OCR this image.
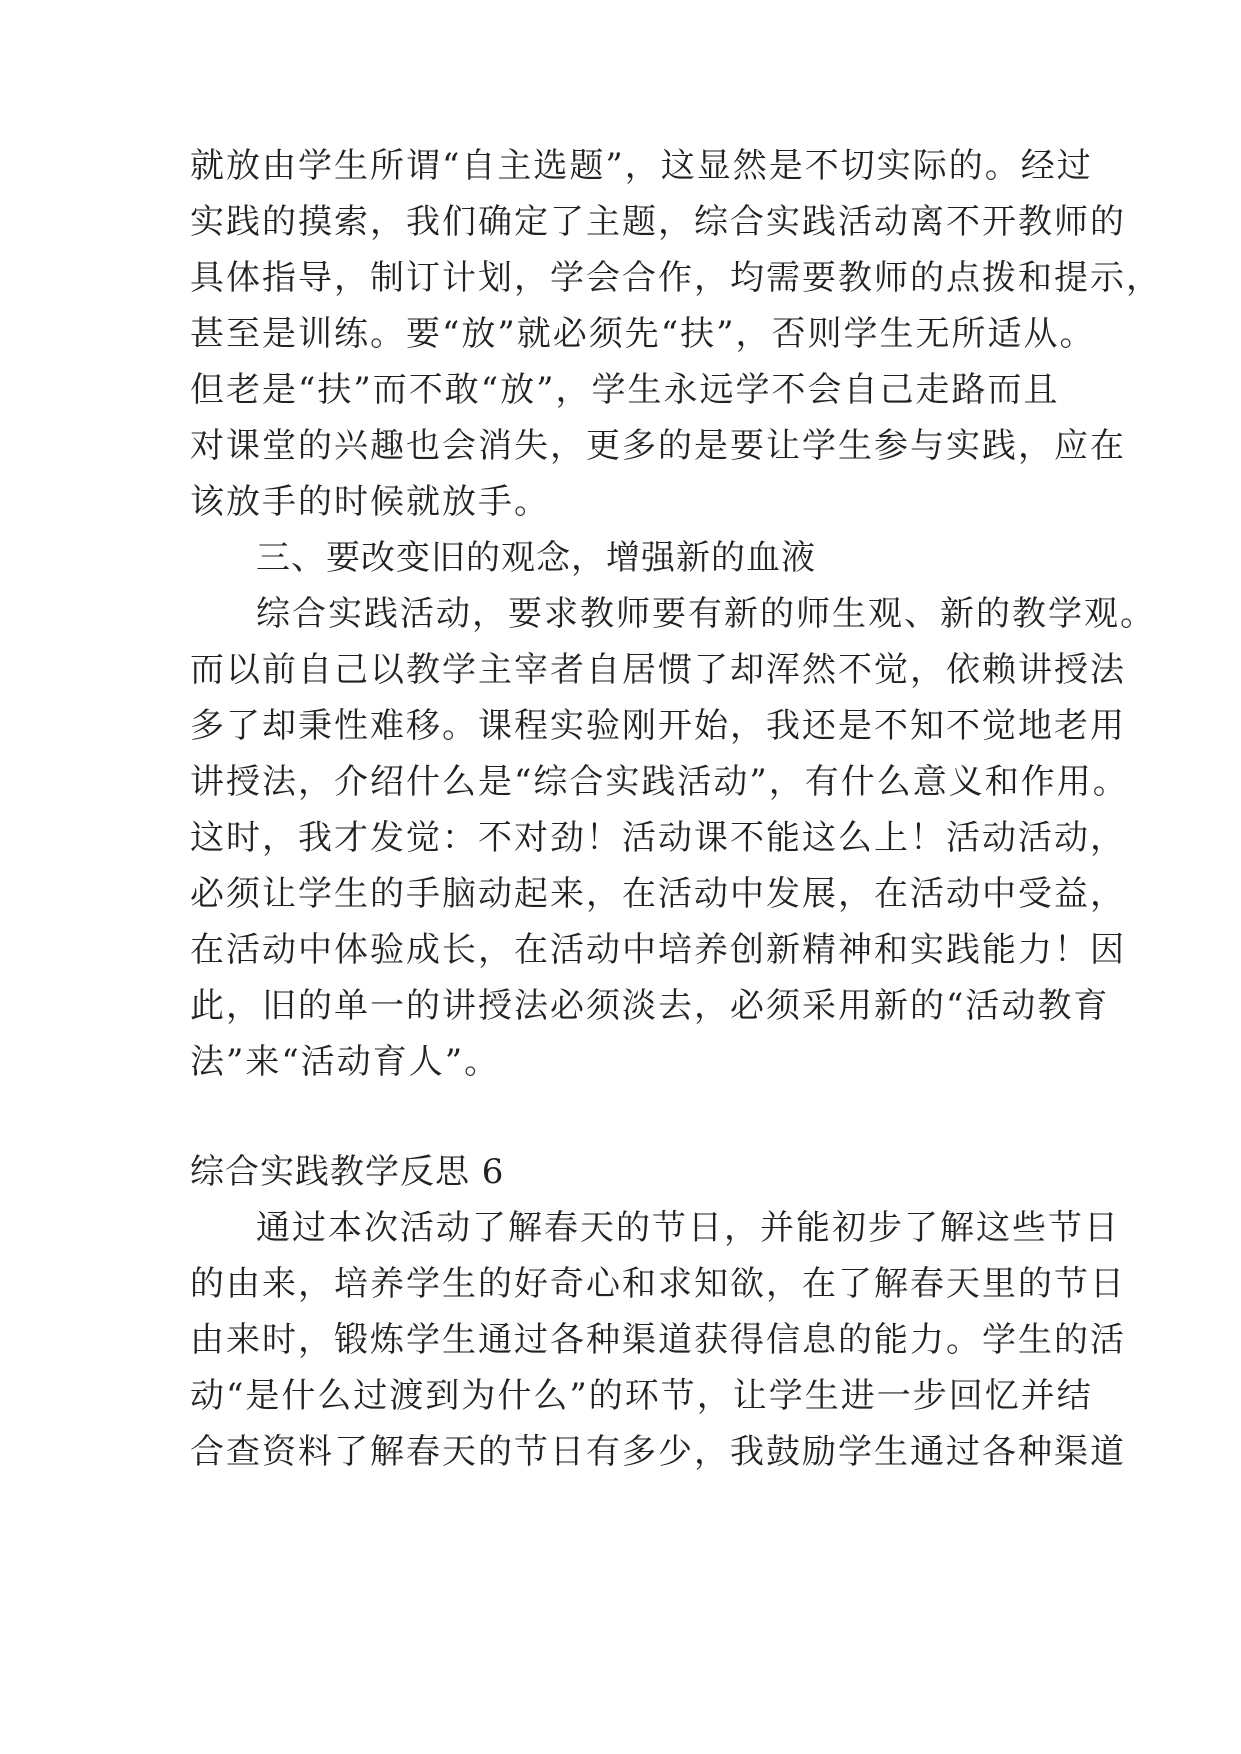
就放由学生所谓“自主选题”，这显然是不切实际的。经过
实践的摸索，我们确定了主题，综合实践活动离不开教师的
具体指导，制订计划，学会合作，均需要教师的点拨和提示，
甚至是训练。要“放”就必须先“扶”，否则学生无所适从。
但老是“扶”而不敢“放”，学生永远学不会自己走路而且
对课堂的兴趣也会消失，更多的是要让学生参与实践，应在
该放手的时候就放手。
三、要改变旧的观念，增强新的血液
综合实践活动，要求教师要有新的师生观、新的教学观。
而以前自己以教学主宰者自居惯了却浑然不觉，依赖讲授法
多了却秉性难移。课程实验刚开始，我还是不知不觉地老用
讲授法，介绍什么是“综合实践活动”，有什么意义和作用。
这时，我才发觉：不对劲！活动课不能这么上！活动活动，
必须让学生的手脑动起来，在活动中发展，在活动中受益，
在活动中体验成长，在活动中培养创新精神和实践能力！因
此，旧的单一的讲授法必须淡去，必须采用新的“活动教育
法”来“活动育人”。
综合实践教学反思 6
通过本次活动了解春天的节日，并能初步了解这些节日
的由来，培养学生的好奇心和求知欲，在了解春天里的节日
由来时，锻炼学生通过各种渠道获得信息的能力。学生的活
动“是什么过渡到为什么”的环节，让学生进一步回忆并结
合查资料了解春天的节日有多少，我鼓励学生通过各种渠道
